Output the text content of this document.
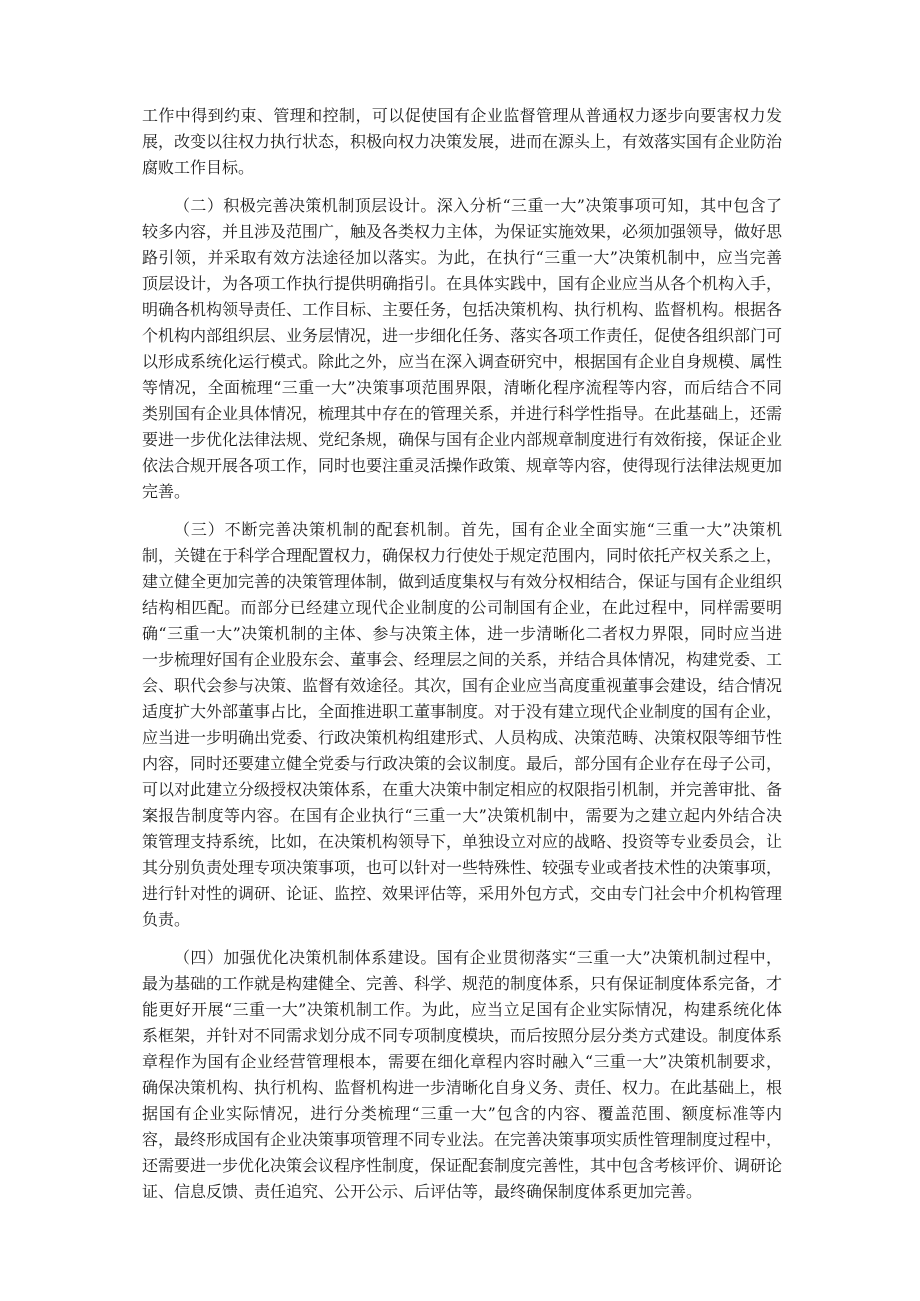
工作中得到约束、管理和控制，可以促使国有企业监督管理从普通权力逐步向要害权力发展，改变以往权力执行状态，积极向权力决策发展，进而在源头上，有效落实国有企业防治腐败工作目标。

（二）积极完善决策机制顶层设计。深入分析“三重一大”决策事项可知，其中包含了较多内容，并且涉及范围广，触及各类权力主体，为保证实施效果，必须加强领导，做好思路引领，并采取有效方法途径加以落实。为此，在执行“三重一大”决策机制中，应当完善顶层设计，为各项工作执行提供明确指引。在具体实践中，国有企业应当从各个机构入手，明确各机构领导责任、工作目标、主要任务，包括决策机构、执行机构、监督机构。根据各个机构内部组织层、业务层情况，进一步细化任务、落实各项工作责任，促使各组织部门可以形成系统化运行模式。除此之外，应当在深入调查研究中，根据国有企业自身规模、属性等情况，全面梳理“三重一大”决策事项范围界限，清晰化程序流程等内容，而后结合不同类别国有企业具体情况，梳理其中存在的管理关系，并进行科学性指导。在此基础上，还需要进一步优化法律法规、党纪条规，确保与国有企业内部规章制度进行有效衔接，保证企业依法合规开展各项工作，同时也要注重灵活操作政策、规章等内容，使得现行法律法规更加完善。

（三）不断完善决策机制的配套机制。首先，国有企业全面实施“三重一大”决策机制，关键在于科学合理配置权力，确保权力行使处于规定范围内，同时依托产权关系之上，建立健全更加完善的决策管理体制，做到适度集权与有效分权相结合，保证与国有企业组织结构相匹配。而部分已经建立现代企业制度的公司制国有企业，在此过程中，同样需要明确“三重一大”决策机制的主体、参与决策主体，进一步清晰化二者权力界限，同时应当进一步梳理好国有企业股东会、董事会、经理层之间的关系，并结合具体情况，构建党委、工会、职代会参与决策、监督有效途径。其次，国有企业应当高度重视董事会建设，结合情况适度扩大外部董事占比，全面推进职工董事制度。对于没有建立现代企业制度的国有企业，应当进一步明确出党委、行政决策机构组建形式、人员构成、决策范畴、决策权限等细节性内容，同时还要建立健全党委与行政决策的会议制度。最后，部分国有企业存在母子公司，可以对此建立分级授权决策体系，在重大决策中制定相应的权限指引机制，并完善审批、备案报告制度等内容。在国有企业执行“三重一大”决策机制中，需要为之建立起内外结合决策管理支持系统，比如，在决策机构领导下，单独设立对应的战略、投资等专业委员会，让其分别负责处理专项决策事项，也可以针对一些特殊性、较强专业或者技术性的决策事项，进行针对性的调研、论证、监控、效果评估等，采用外包方式，交由专门社会中介机构管理负责。

（四）加强优化决策机制体系建设。国有企业贯彻落实“三重一大”决策机制过程中，最为基础的工作就是构建健全、完善、科学、规范的制度体系，只有保证制度体系完备，才能更好开展“三重一大”决策机制工作。为此，应当立足国有企业实际情况，构建系统化体系框架，并针对不同需求划分成不同专项制度模块，而后按照分层分类方式建设。制度体系章程作为国有企业经营管理根本，需要在细化章程内容时融入“三重一大”决策机制要求，确保决策机构、执行机构、监督机构进一步清晰化自身义务、责任、权力。在此基础上，根据国有企业实际情况，进行分类梳理“三重一大”包含的内容、覆盖范围、额度标准等内容，最终形成国有企业决策事项管理不同专业法。在完善决策事项实质性管理制度过程中，还需要进一步优化决策会议程序性制度，保证配套制度完善性，其中包含考核评价、调研论证、信息反馈、责任追究、公开公示、后评估等，最终确保制度体系更加完善。
